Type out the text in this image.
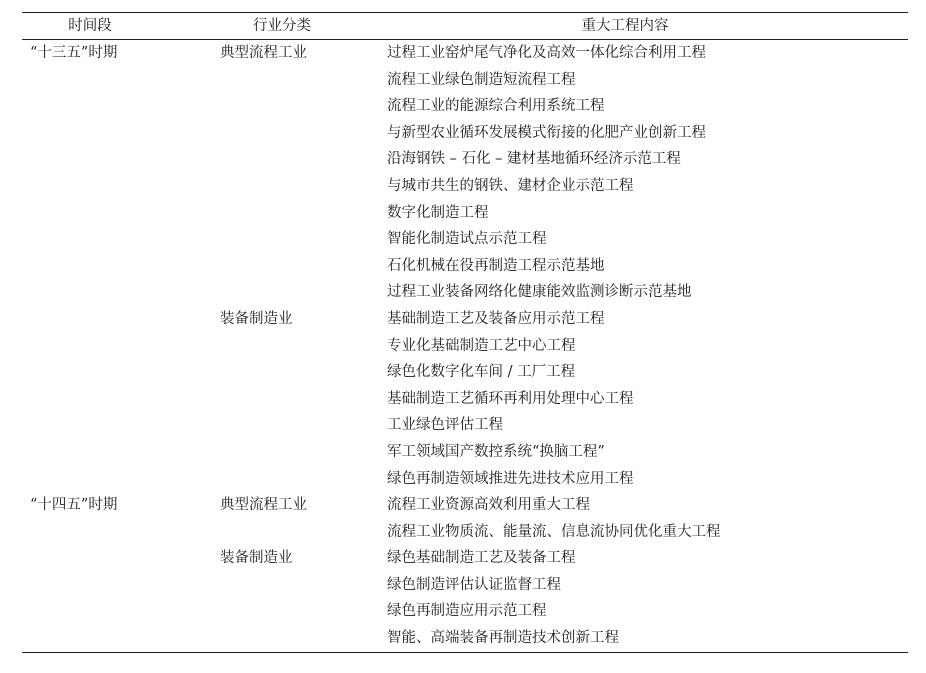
时间段	行业分类	重大工程内容
“十三五”时期	典型流程工业	过程工业窑炉尾气净化及高效一体化综合利用工程
		流程工业绿色制造短流程工程
		流程工业的能源综合利用系统工程
		与新型农业循环发展模式衔接的化肥产业创新工程
		沿海钢铁 – 石化 – 建材基地循环经济示范工程
		与城市共生的钢铁、建材企业示范工程
		数字化制造工程
		智能化制造试点示范工程
		石化机械在役再制造工程示范基地
		过程工业装备网络化健康能效监测诊断示范基地
	装备制造业	基础制造工艺及装备应用示范工程
		专业化基础制造工艺中心工程
		绿色化数字化车间 / 工厂工程
		基础制造工艺循环再利用处理中心工程
		工业绿色评估工程
		军工领域国产数控系统“换脑工程”
		绿色再制造领域推进先进技术应用工程
“十四五”时期	典型流程工业	流程工业资源高效利用重大工程
		流程工业物质流、能量流、信息流协同优化重大工程
	装备制造业	绿色基础制造工艺及装备工程
		绿色制造评估认证监督工程
		绿色再制造应用示范工程
		智能、高端装备再制造技术创新工程
